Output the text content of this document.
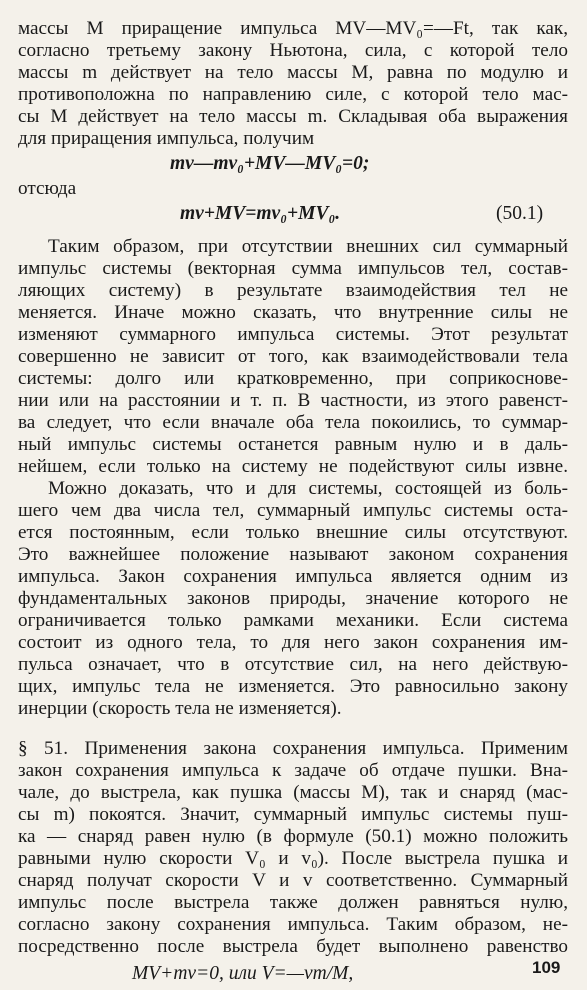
массы M приращение импульса MV—MV₀=—Ft, так как,
согласно третьему закону Ньютона, сила, с которой тело
массы m действует на тело массы M, равна по модулю и
противоположна по направлению силе, с которой тело мас-
сы M действует на тело массы m. Складывая оба выражения
для приращения импульса, получим
mv—mv₀+MV—MV₀=0;
отсюда
mv+MV=mv₀+MV₀.	(50.1)
Таким образом, при отсутствии внешних сил суммарный
импульс системы (векторная сумма импульсов тел, состав-
ляющих систему) в результате взаимодействия тел не
меняется. Иначе можно сказать, что внутренние силы не
изменяют суммарного импульса системы. Этот результат
совершенно не зависит от того, как взаимодействовали тела
системы: долго или кратковременно, при соприкоснове-
нии или на расстоянии и т. п. В частности, из этого равенст-
ва следует, что если вначале оба тела покоились, то суммар-
ный импульс системы останется равным нулю и в даль-
нейшем, если только на систему не подействуют силы извне.
Можно доказать, что и для системы, состоящей из боль-
шего чем два числа тел, суммарный импульс системы оста-
ется постоянным, если только внешние силы отсутствуют.
Это важнейшее положение называют законом сохранения
импульса. Закон сохранения импульса является одним из
фундаментальных законов природы, значение которого не
ограничивается только рамками механики. Если система
состоит из одного тела, то для него закон сохранения им-
пульса означает, что в отсутствие сил, на него действую-
щих, импульс тела не изменяется. Это равносильно закону
инерции (скорость тела не изменяется).
§ 51. Применения закона сохранения импульса. Применим
закон сохранения импульса к задаче об отдаче пушки. Вна-
чале, до выстрела, как пушка (массы M), так и снаряд (мас-
сы m) покоятся. Значит, суммарный импульс системы пуш-
ка — снаряд равен нулю (в формуле (50.1) можно положить
равными нулю скорости V₀ и v₀). После выстрела пушка и
снаряд получат скорости V и v соответственно. Суммарный
импульс после выстрела также должен равняться нулю,
согласно закону сохранения импульса. Таким образом, не-
посредственно после выстрела будет выполнено равенство
MV+mv=0, или V=—vm/M,	109
